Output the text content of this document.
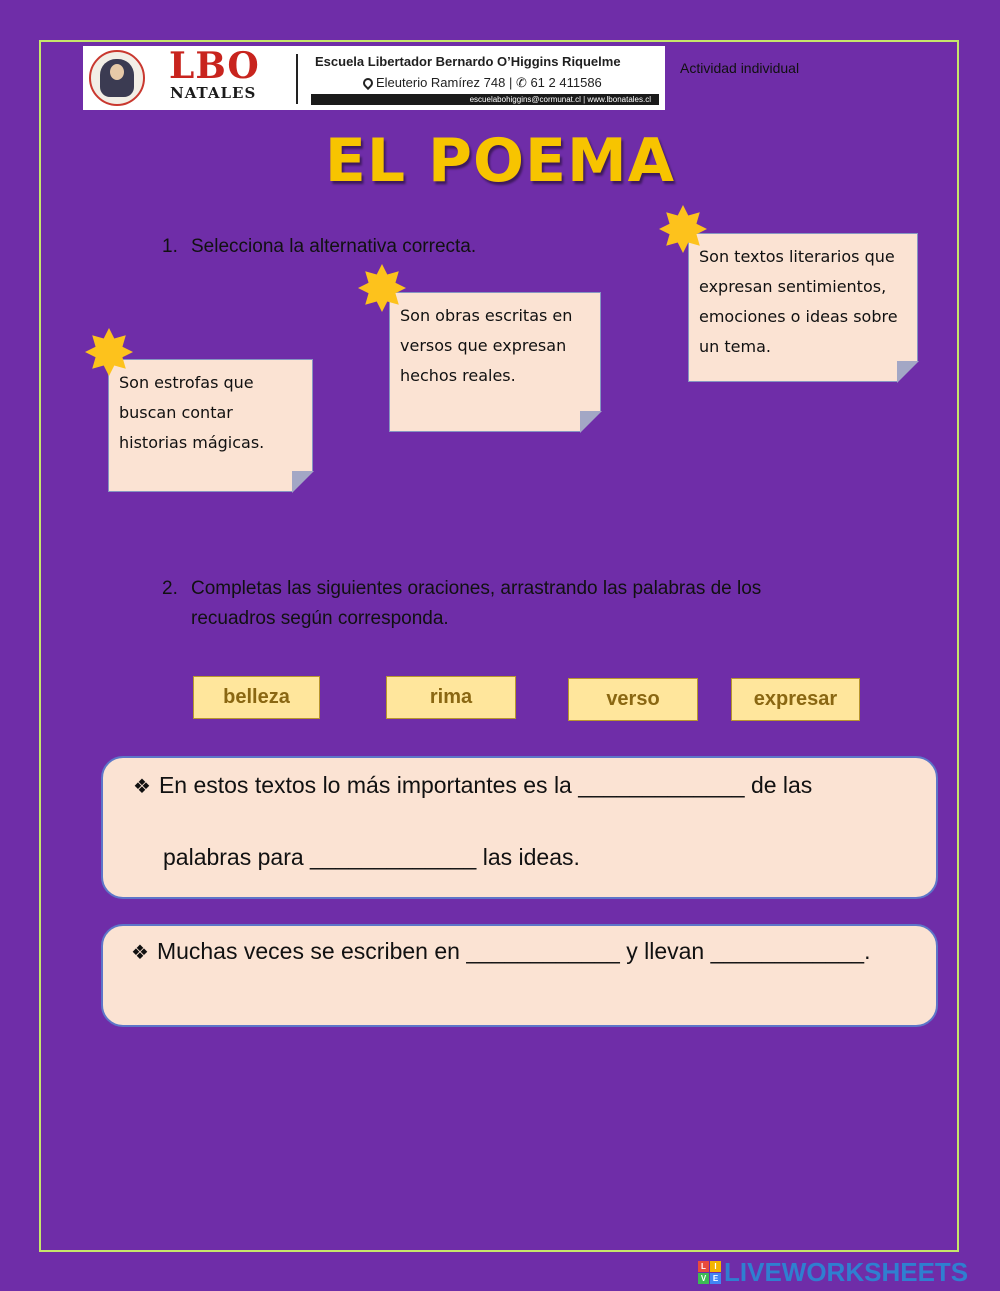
LBO
NATALES
Escuela Libertador Bernardo O’Higgins Riquelme
Eleuterio Ramírez 748 | ✆ 61 2 411586
escuelabohiggins@cormunat.cl | www.lbonatales.cl
Actividad individual
EL POEMA
1. Selecciona la alternativa correcta.
Son estrofas que buscan contar historias mágicas.
Son obras escritas en versos que expresan hechos reales.
Son textos literarios que expresan sentimientos, emociones o ideas sobre un tema.
2. Completas las siguientes oraciones, arrastrando las palabras de los
recuadros según corresponda.
belleza	rima	verso	expresar
❖ En estos textos lo más importantes es la _____________ de las
palabras para _____________ las ideas.
❖ Muchas veces se escriben en ____________ y llevan ____________.
L	I
V E LIVEWORKSHEETS
